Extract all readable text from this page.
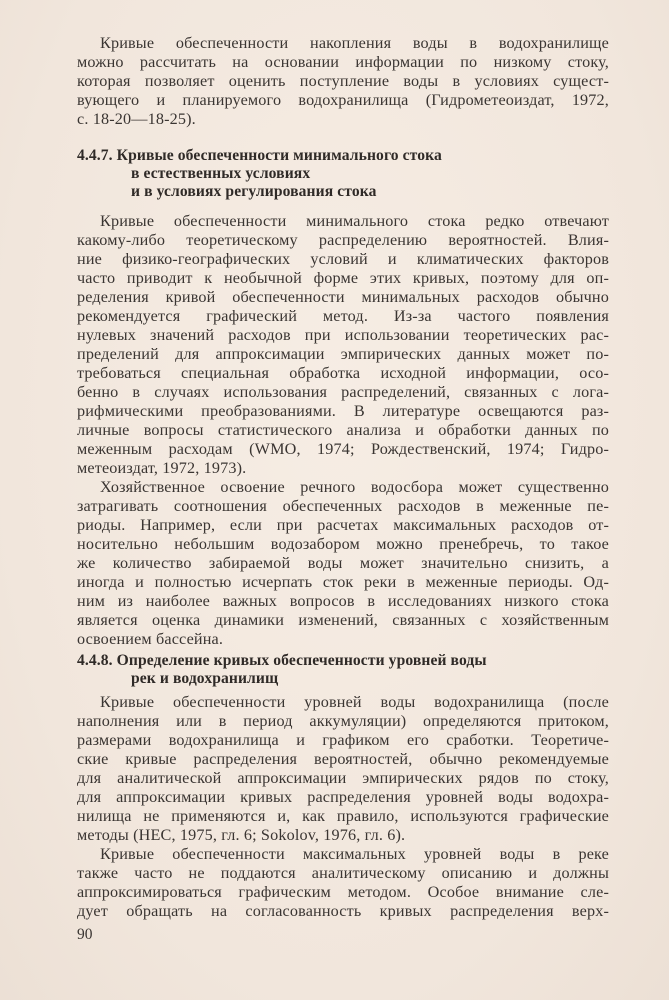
Кривые обеспеченности накопления воды в водохранилище
можно рассчитать на основании информации по низкому стоку,
которая позволяет оценить поступление воды в условиях сущест-
вующего и планируемого водохранилища (Гидрометеоиздат, 1972,
с. 18-20—18-25).
4.4.7. Кривые обеспеченности минимального стока
в естественных условиях
и в условиях регулирования стока
Кривые обеспеченности минимального стока редко отвечают
какому-либо теоретическому распределению вероятностей. Влия-
ние физико-географических условий и климатических факторов
часто приводит к необычной форме этих кривых, поэтому для оп-
ределения кривой обеспеченности минимальных расходов обычно
рекомендуется графический метод. Из-за частого появления
нулевых значений расходов при использовании теоретических рас-
пределений для аппроксимации эмпирических данных может по-
требоваться специальная обработка исходной информации, осо-
бенно в случаях использования распределений, связанных с лога-
рифмическими преобразованиями. В литературе освещаются раз-
личные вопросы статистического анализа и обработки данных по
меженным расходам (WMO, 1974; Рождественский, 1974; Гидро-
метеоиздат, 1972, 1973).
Хозяйственное освоение речного водосбора может существенно
затрагивать соотношения обеспеченных расходов в меженные пе-
риоды. Например, если при расчетах максимальных расходов от-
носительно небольшим водозабором можно пренебречь, то такое
же количество забираемой воды может значительно снизить, а
иногда и полностью исчерпать сток реки в меженные периоды. Од-
ним из наиболее важных вопросов в исследованиях низкого стока
является оценка динамики изменений, связанных с хозяйственным
освоением бассейна.
4.4.8. Определение кривых обеспеченности уровней воды
рек и водохранилищ
Кривые обеспеченности уровней воды водохранилища (после
наполнения или в период аккумуляции) определяются притоком,
размерами водохранилища и графиком его сработки. Теоретиче-
ские кривые распределения вероятностей, обычно рекомендуемые
для аналитической аппроксимации эмпирических рядов по стоку,
для аппроксимации кривых распределения уровней воды водохра-
нилища не применяются и, как правило, используются графические
методы (НЕС, 1975, гл. 6; Sokolov, 1976, гл. 6).
Кривые обеспеченности максимальных уровней воды в реке
также часто не поддаются аналитическому описанию и должны
аппроксимироваться графическим методом. Особое внимание сле-
дует обращать на согласованность кривых распределения верх-
90
